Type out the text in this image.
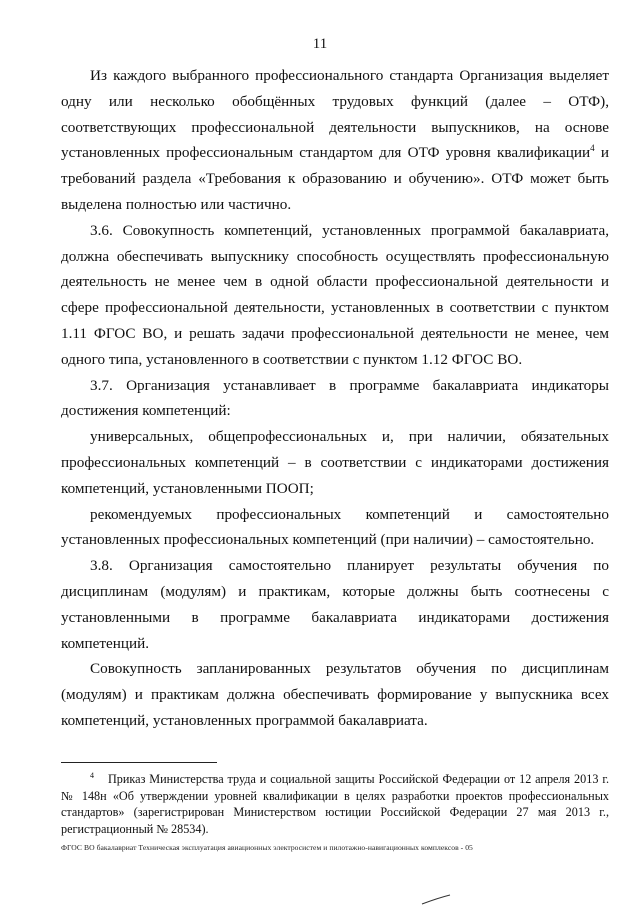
11

Из каждого выбранного профессионального стандарта Организация выделяет одну или несколько обобщённых трудовых функций (далее – ОТФ), соответствующих профессиональной деятельности выпускников, на основе установленных профессиональным стандартом для ОТФ уровня квалификации$^4$ и требований раздела «Требования к образованию и обучению». ОТФ может быть выделена полностью или частично.

3.6. Совокупность компетенций, установленных программой бакалавриата, должна обеспечивать выпускнику способность осуществлять профессиональную деятельность не менее чем в одной области профессиональной деятельности и сфере профессиональной деятельности, установленных в соответствии с пунктом 1.11 ФГОС ВО, и решать задачи профессиональной деятельности не менее, чем одного типа, установленного в соответствии с пунктом 1.12 ФГОС ВО.

3.7. Организация устанавливает в программе бакалавриата индикаторы достижения компетенций:

универсальных, общепрофессиональных и, при наличии, обязательных профессиональных компетенций – в соответствии с индикаторами достижения компетенций, установленными ПООП;

рекомендуемых профессиональных компетенций и самостоятельно установленных профессиональных компетенций (при наличии) – самостоятельно.

3.8. Организация самостоятельно планирует результаты обучения по дисциплинам (модулям) и практикам, которые должны быть соотнесены с установленными в программе бакалавриата индикаторами достижения компетенций.

Совокупность запланированных результатов обучения по дисциплинам (модулям) и практикам должна обеспечивать формирование у выпускника всех компетенций, установленных программой бакалавриата.

$^4$ Приказ Министерства труда и социальной защиты Российской Федерации от 12 апреля 2013 г. № 148н «Об утверждении уровней квалификации в целях разработки проектов профессиональных стандартов» (зарегистрирован Министерством юстиции Российской Федерации 27 мая 2013 г., регистрационный № 28534).
ФГОС ВО бакалавриат Техническая эксплуатация авиационных электросистем и пилотажно-навигационных комплексов - 05
